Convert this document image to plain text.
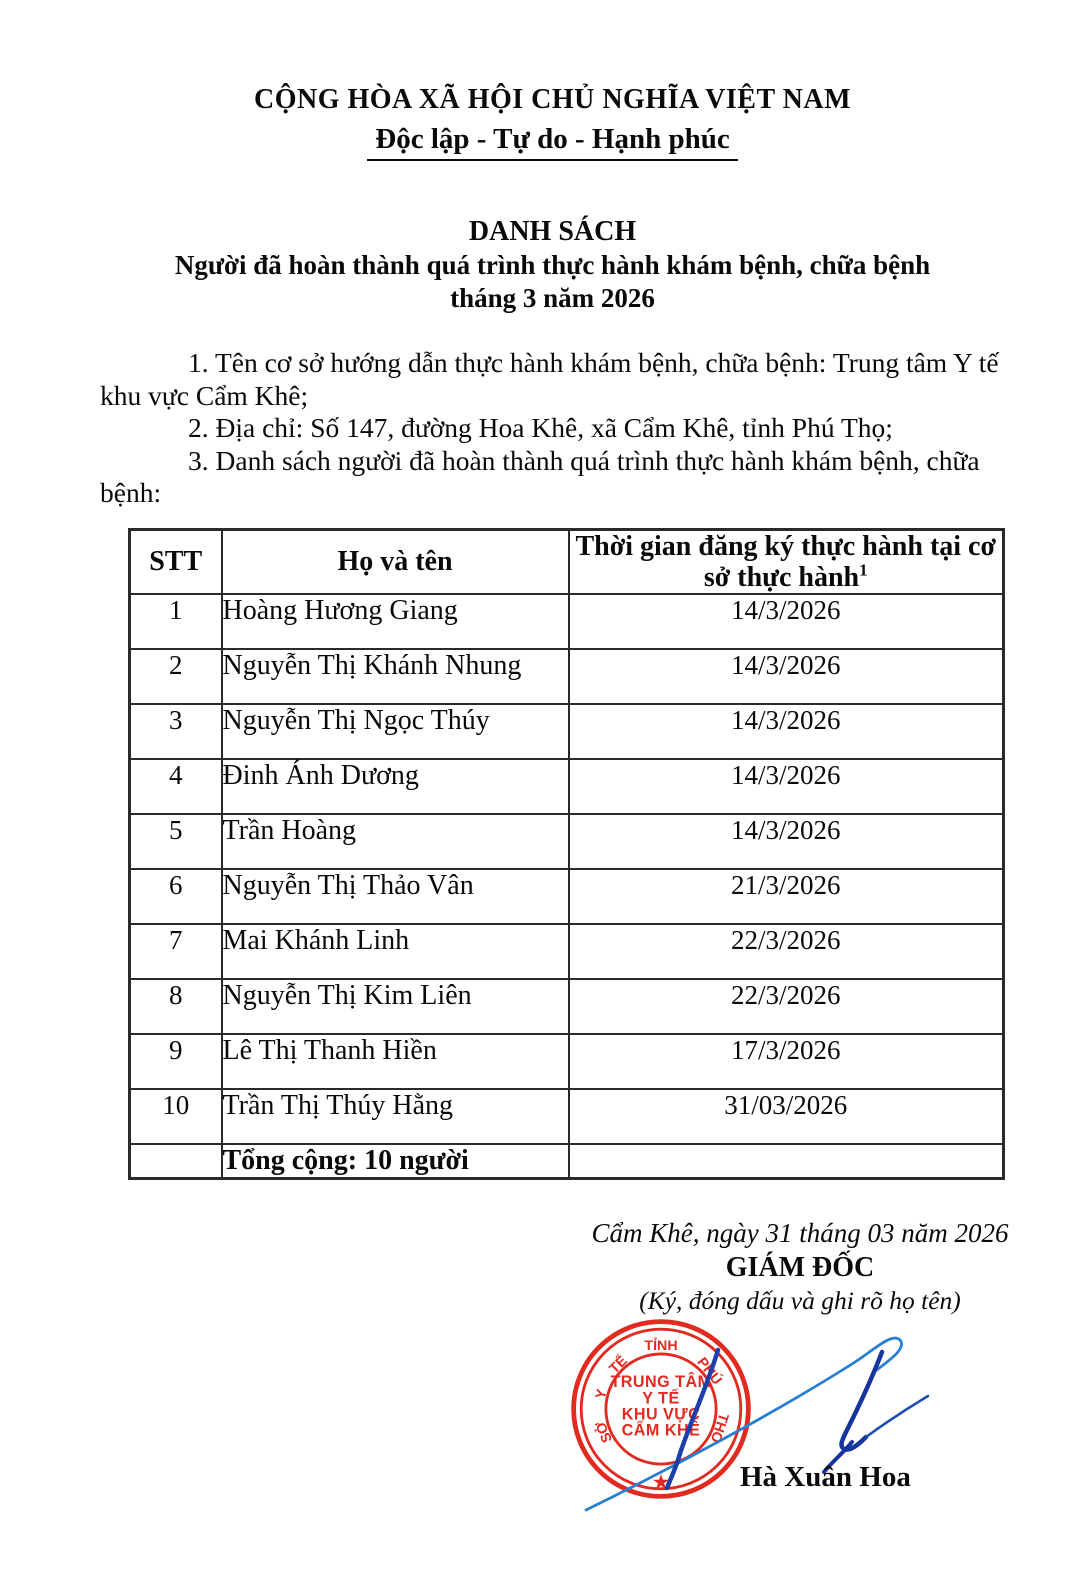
CỘNG HÒA XÃ HỘI CHỦ NGHĨA VIỆT NAM
Độc lập - Tự do - Hạnh phúc
DANH SÁCH
Người đã hoàn thành quá trình thực hành khám bệnh, chữa bệnh
tháng 3 năm 2026

1. Tên cơ sở hướng dẫn thực hành khám bệnh, chữa bệnh: Trung tâm Y tế khu vực Cẩm Khê;

2. Địa chỉ: Số 147, đường Hoa Khê, xã Cẩm Khê, tỉnh Phú Thọ;

3. Danh sách người đã hoàn thành quá trình thực hành khám bệnh, chữa bệnh:

STT	Họ và tên	Thời gian đăng ký thực hành tại cơ
sở thực hành$^1$
1	Hoàng Hương Giang	14/3/2026
2	Nguyễn Thị Khánh Nhung	14/3/2026
3	Nguyễn Thị Ngọc Thúy	14/3/2026
4	Đinh Ánh Dương	14/3/2026
5	Trần Hoàng	14/3/2026
6	Nguyễn Thị Thảo Vân	21/3/2026
7	Mai Khánh Linh	22/3/2026
8	Nguyễn Thị Kim Liên	22/3/2026
9	Lê Thị Thanh Hiền	17/3/2026
10	Trần Thị Thúy Hằng	31/03/2026
	Tổng cộng: 10 người	
Cẩm Khê, ngày 31 tháng 03 năm 2026
GIÁM ĐỐC
(Ký, đóng dấu và ghi rõ họ tên)
SỞ
Y
TẾ
TỈNH
PHÚ
THỌ
TRUNG TÂM
Y TẾ
KHU VỰC
CẨM KHÊ
★ Hà Xuân Hoa
